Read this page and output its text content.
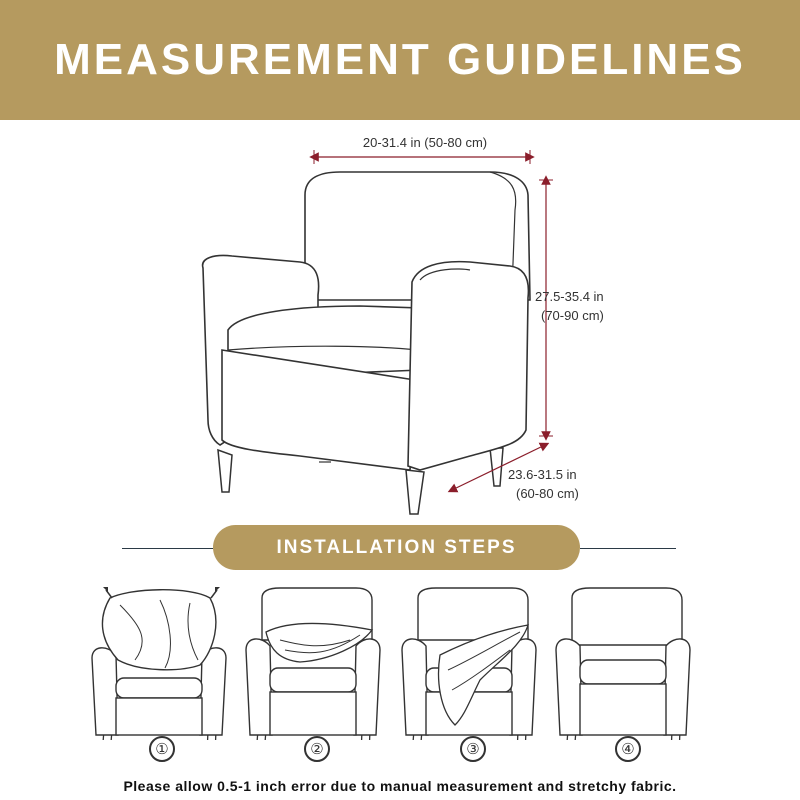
MEASUREMENT GUIDELINES
20-31.4 in (50-80 cm)
27.5-35.4 in
(70-90 cm)
23.6-31.5 in
(60-80 cm)
INSTALLATION STEPS
①	②	③	④
Please allow 0.5-1 inch error due to manual measurement and stretchy fabric.
